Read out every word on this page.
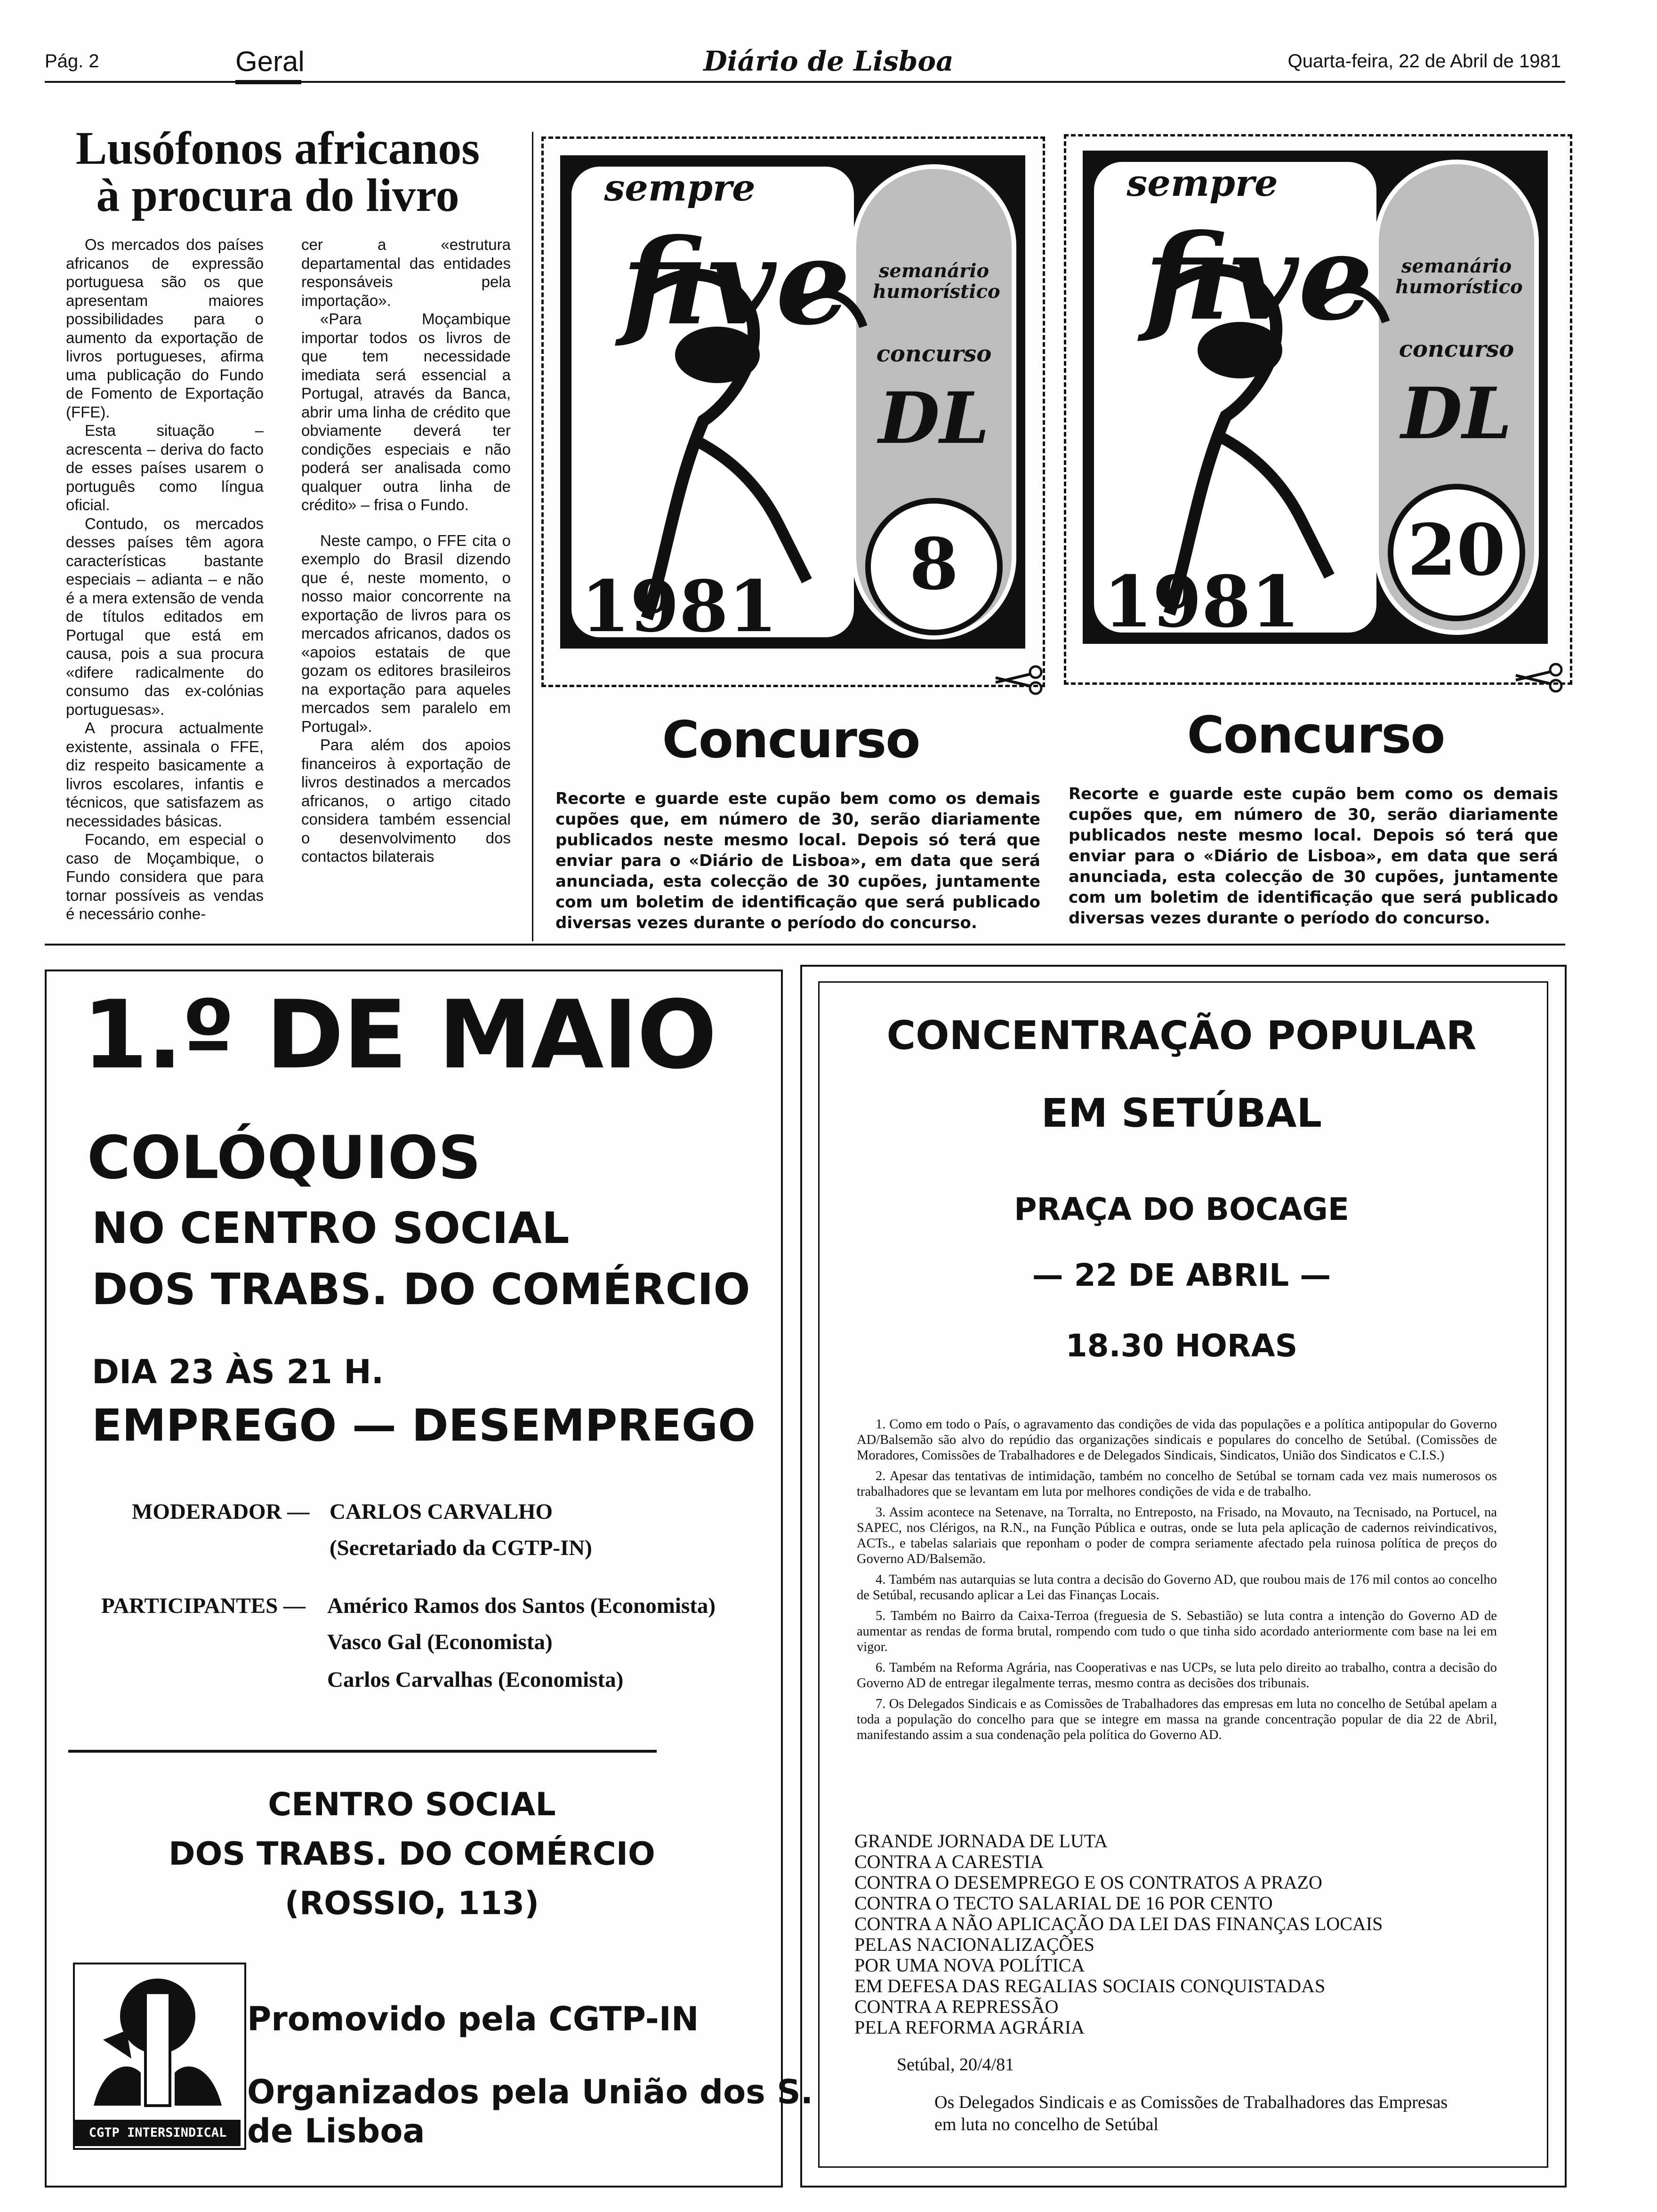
Pág. 2	Geral	Diário de Lisboa	Quarta-feira, 22 de Abril de 1981
Lusófonos africanos
à procura do livro

Os mercados dos países africanos de expressão portuguesa são os que apresentam maiores possibilidades para o aumento da exportação de livros portugueses, afirma uma publicação do Fundo de Fomento de Exportação (FFE).

Esta situação – acrescenta – deriva do facto de esses países usarem o português como língua oficial.

Contudo, os mercados desses países têm agora características bastante especiais – adianta – e não é a mera extensão de venda de títulos editados em Portugal que está em causa, pois a sua procura «difere radicalmente do consumo das ex-colónias portuguesas».

A procura actualmente existente, assinala o FFE, diz respeito basicamente a livros escolares, infantis e técnicos, que satisfazem as necessidades básicas.

Focando, em especial o caso de Moçambique, o Fundo considera que para tornar possíveis as vendas é necessário conhe-

cer a «estrutura departamental das entidades responsáveis pela importação».

«Para Moçambique importar todos os livros de que tem necessidade imediata será essencial a Portugal, através da Banca, abrir uma linha de crédito que obviamente deverá ter condições especiais e não poderá ser analisada como qualquer outra linha de crédito» – frisa o Fundo.

Neste campo, o FFE cita o exemplo do Brasil dizendo que é, neste momento, o nosso maior concorrente na exportação de livros para os mercados africanos, dados os «apoios estatais de que gozam os editores brasileiros na exportação para aqueles mercados sem paralelo em Portugal».

Para além dos apoios financeiros à exportação de livros destinados a mercados africanos, o artigo citado considera também essencial o desenvolvimento dos contactos bilaterais

sempre
five	semanário humorístico
concurso
DL
1981
8
Concurso
Recorte e guarde este cupão bem como os demais cupões que, em número de 30, serão diariamente publicados neste mesmo local. Depois só terá que enviar para o «Diário de Lisboa», em data que será anunciada, esta colecção de 30 cupões, juntamente com um boletim de identificação que será publicado diversas vezes durante o período do concurso.
sempre
five	semanário humorístico
concurso
DL
1981
20
Concurso
Recorte e guarde este cupão bem como os demais cupões que, em número de 30, serão diariamente publicados neste mesmo local. Depois só terá que enviar para o «Diário de Lisboa», em data que será anunciada, esta colecção de 30 cupões, juntamente com um boletim de identificação que será publicado diversas vezes durante o período do concurso.
1.º DE MAIO
COLÓQUIOS
NO CENTRO SOCIAL
DOS TRABS. DO COMÉRCIO
DIA 23 ÀS 21 H.
EMPREGO — DESEMPREGO
MODERADOR — CARLOS CARVALHO
(Secretariado da CGTP-IN)
PARTICIPANTES — Américo Ramos dos Santos (Economista)
Vasco Gal (Economista)
Carlos Carvalhas (Economista)
CENTRO SOCIAL
DOS TRABS. DO COMÉRCIO
(ROSSIO, 113)
CGTP INTERSINDICAL
Promovido pela CGTP-IN
Organizados pela União dos S.
de Lisboa
CONCENTRAÇÃO POPULAR
EM SETÚBAL
PRAÇA DO BOCAGE
— 22 DE ABRIL —
18.30 HORAS

1. Como em todo o País, o agravamento das condições de vida das populações e a política antipopular do Governo AD/Balsemão são alvo do repúdio das organizações sindicais e populares do concelho de Setúbal. (Comissões de Moradores, Comissões de Trabalhadores e de Delegados Sindicais, Sindicatos, União dos Sindicatos e C.I.S.)

2. Apesar das tentativas de intimidação, também no concelho de Setúbal se tornam cada vez mais numerosos os trabalhadores que se levantam em luta por melhores condições de vida e de trabalho.

3. Assim acontece na Setenave, na Torralta, no Entreposto, na Frisado, na Movauto, na Tecnisado, na Portucel, na SAPEC, nos Clérigos, na R.N., na Função Pública e outras, onde se luta pela aplicação de cadernos reivindicativos, ACTs., e tabelas salariais que reponham o poder de compra seriamente afectado pela ruinosa política de preços do Governo AD/Balsemão.

4. Também nas autarquias se luta contra a decisão do Governo AD, que roubou mais de 176 mil contos ao concelho de Setúbal, recusando aplicar a Lei das Finanças Locais.

5. Também no Bairro da Caixa-Terroa (freguesia de S. Sebastião) se luta contra a intenção do Governo AD de aumentar as rendas de forma brutal, rompendo com tudo o que tinha sido acordado anteriormente com base na lei em vigor.

6. Também na Reforma Agrária, nas Cooperativas e nas UCPs, se luta pelo direito ao trabalho, contra a decisão do Governo AD de entregar ilegalmente terras, mesmo contra as decisões dos tribunais.

7. Os Delegados Sindicais e as Comissões de Trabalhadores das empresas em luta no concelho de Setúbal apelam a toda a população do concelho para que se integre em massa na grande concentração popular de dia 22 de Abril, manifestando assim a sua condenação pela política do Governo AD.

GRANDE JORNADA DE LUTA
CONTRA A CARESTIA
CONTRA O DESEMPREGO E OS CONTRATOS A PRAZO
CONTRA O TECTO SALARIAL DE 16 POR CENTO
CONTRA A NÃO APLICAÇÃO DA LEI DAS FINANÇAS LOCAIS
PELAS NACIONALIZAÇÕES
POR UMA NOVA POLÍTICA
EM DEFESA DAS REGALIAS SOCIAIS CONQUISTADAS
CONTRA A REPRESSÃO
PELA REFORMA AGRÁRIA
Setúbal, 20/4/81
Os Delegados Sindicais e as Comissões de Trabalhadores das Empresas
em luta no concelho de Setúbal
